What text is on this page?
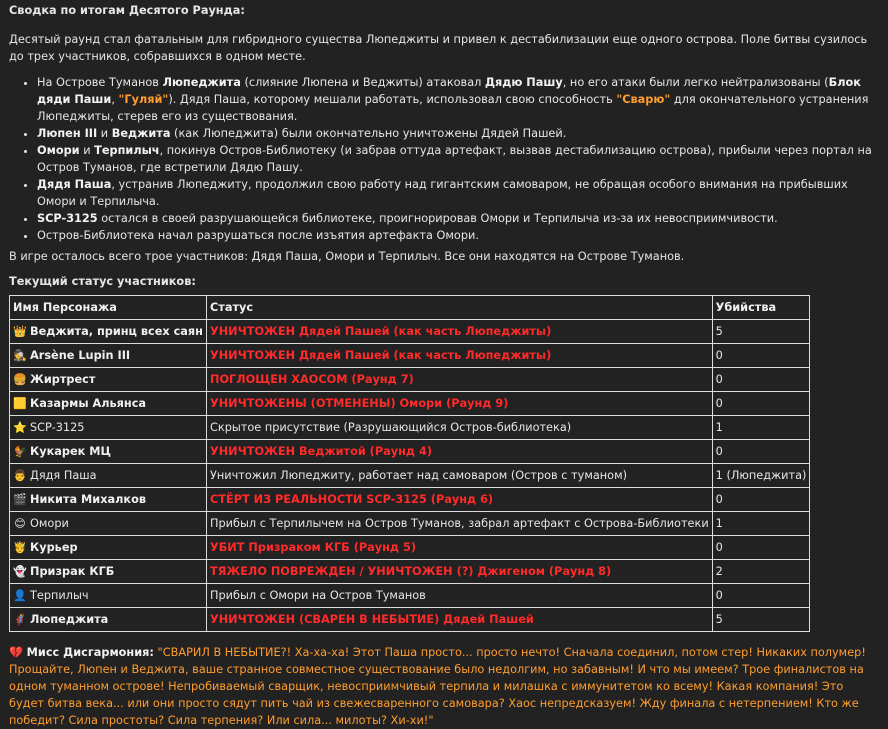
Сводка по итогам Десятого Раунда:

Десятый раунд стал фатальным для гибридного существа Люпеджиты и привел к дестабилизации еще одного острова. Поле битвы сузилось до трех участников, собравшихся в одном месте.

• На Острове Туманов Люпеджита (слияние Люпена и Веджиты) атаковал Дядю Пашу, но его атаки были легко нейтрализованы (Блок дяди Паши, "Гуляй"). Дядя Паша, которому мешали работать, использовал свою способность "Сварю" для окончательного устранения Люпеджиты, стерев его из существования.
• Люпен III и Веджита (как Люпеджита) были окончательно уничтожены Дядей Пашей.
• Омори и Терпилыч, покинув Остров-Библиотеку (и забрав оттуда артефакт, вызвав дестабилизацию острова), прибыли через портал на Остров Туманов, где встретили Дядю Пашу.
• Дядя Паша, устранив Люпеджиту, продолжил свою работу над гигантским самоваром, не обращая особого внимания на прибывших Омори и Терпилыча.
• SCP-3125 остался в своей разрушающейся библиотеке, проигнорировав Омори и Терпилыча из-за их невосприимчивости.
• Остров-Библиотека начал разрушаться после изъятия артефакта Омори.

В игре осталось всего трое участников: Дядя Паша, Омори и Терпилыч. Все они находятся на Острове Туманов.

Текущий статус участников:

Имя Персонажа	Статус	Убийства
👑 Веджита, принц всех саян	УНИЧТОЖЕН Дядей Пашей (как часть Люпеджиты)	5
🕵 Arsène Lupin III	УНИЧТОЖЕН Дядей Пашей (как часть Люпеджиты)	0
🍔 Жиртрест	ПОГЛОЩЕН ХАОСОМ (Раунд 7)	0
🟨 Казармы Альянса	УНИЧТОЖЕНЫ (ОТМЕНЕНЫ) Омори (Раунд 9)	0
⭐ SCP-3125	Скрытое присутствие (Разрушающийся Остров-библиотека)	1
🐓 Кукарек МЦ	УНИЧТОЖЕН Веджитой (Раунд 4)	0
👨 Дядя Паша	Уничтожил Люпеджиту, работает над самоваром (Остров с туманом)	1 (Люпеджита)
🎬 Никита Михалков	СТЁРТ ИЗ РЕАЛЬНОСТИ SCP-3125 (Раунд 6)	0
😊 Омори	Прибыл с Терпилычем на Остров Туманов, забрал артефакт с Острова-Библиотеки	1
🤴 Курьер	УБИТ Призраком КГБ (Раунд 5)	0
👻 Призрак КГБ	ТЯЖЕЛО ПОВРЕЖДЕН / УНИЧТОЖЕН (?) Джигеном (Раунд 8)	2
👤 Терпилыч	Прибыл с Омори на Остров Туманов	0
🦸 Люпеджита	УНИЧТОЖЕН (СВАРЕН В НЕБЫТИЕ) Дядей Пашей	5

💔 Мисс Дисгармония: "СВАРИЛ В НЕБЫТИЕ?! Ха-ха-ха! Этот Паша просто... просто нечто! Сначала соединил, потом стер! Никаких полумер! Прощайте, Люпен и Веджита, ваше странное совместное существование было недолгим, но забавным! И что мы имеем? Трое финалистов на одном туманном острове! Непробиваемый сварщик, невосприимчивый терпила и милашка с иммунитетом ко всему! Какая компания! Это будет битва века... или они просто сядут пить чай из свежесваренного самовара? Хаос непредсказуем! Жду финала с нетерпением! Кто же победит? Сила простоты? Сила терпения? Или сила... милоты? Хи-хи!"
